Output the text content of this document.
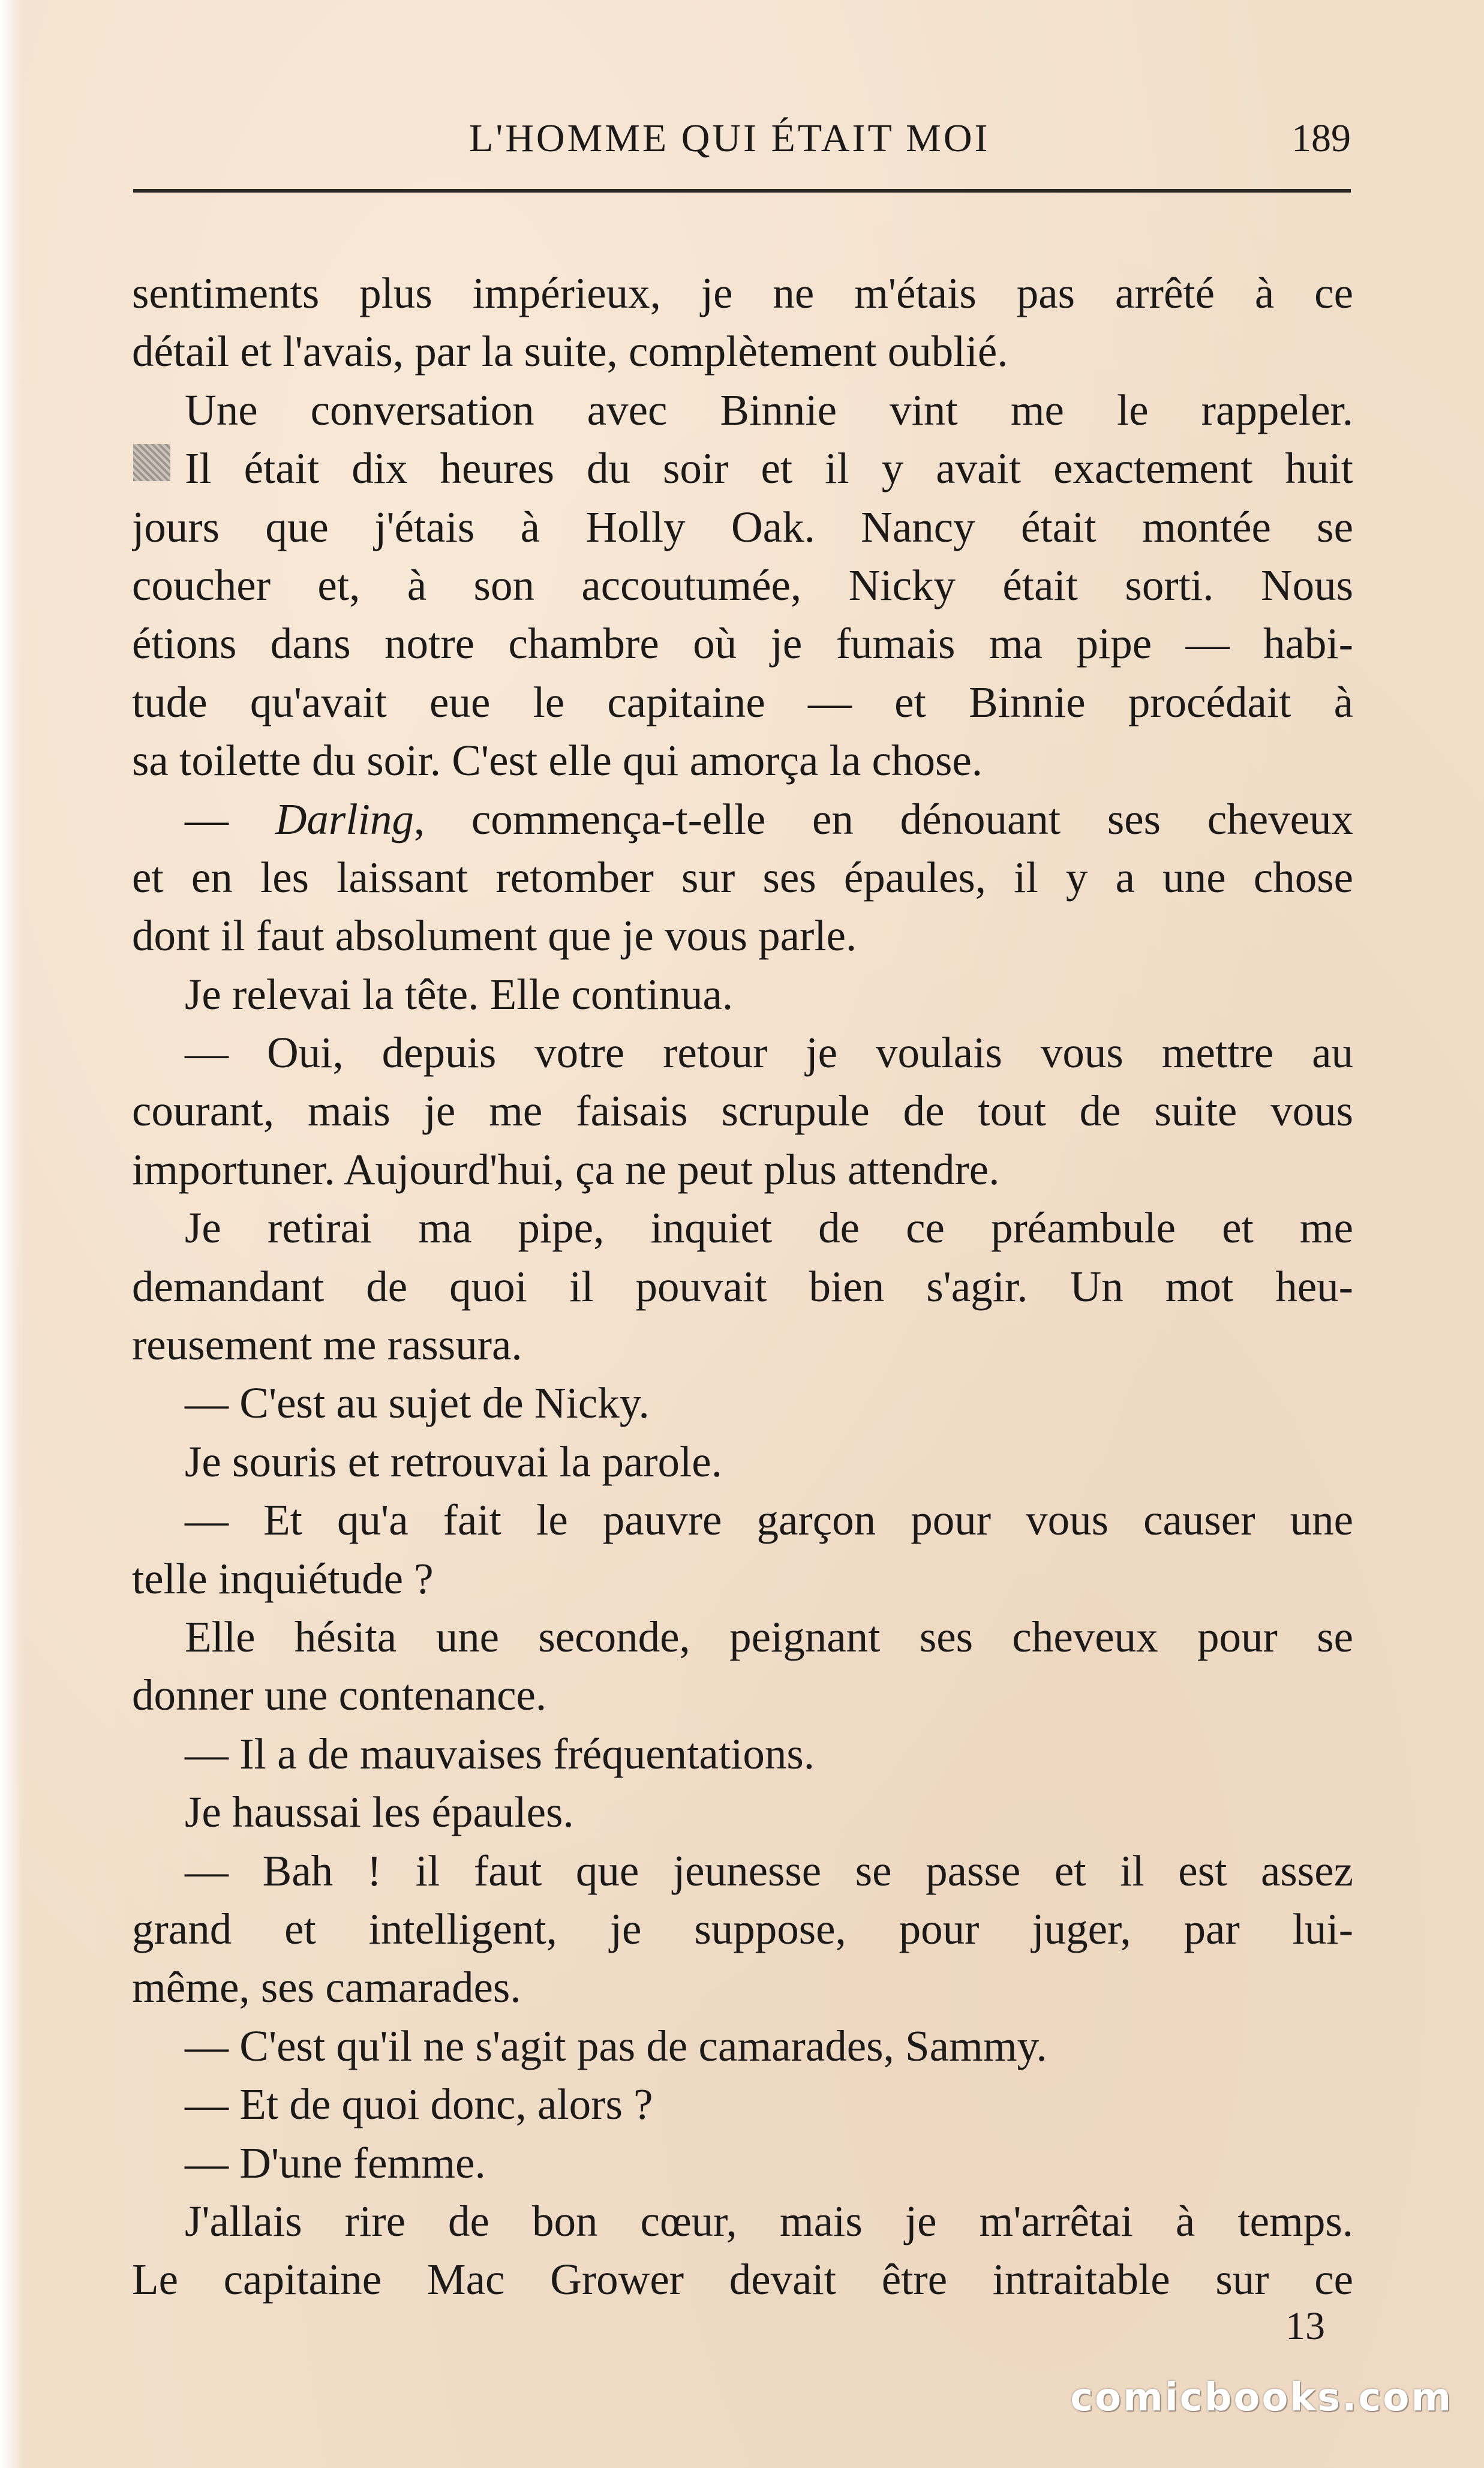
L'HOMME QUI ÉTAIT MOI	189
sentiments plus impérieux, je ne m'étais pas arrêté à ce
détail et l'avais, par la suite, complètement oublié.
Une conversation avec Binnie vint me le rappeler.
Il était dix heures du soir et il y avait exactement huit
jours que j'étais à Holly Oak. Nancy était montée se
coucher et, à son accoutumée, Nicky était sorti. Nous
étions dans notre chambre où je fumais ma pipe — habi-
tude qu'avait eue le capitaine — et Binnie procédait à
sa toilette du soir. C'est elle qui amorça la chose.
— Darling, commença-t-elle en dénouant ses cheveux
et en les laissant retomber sur ses épaules, il y a une chose
dont il faut absolument que je vous parle.
Je relevai la tête. Elle continua.
— Oui, depuis votre retour je voulais vous mettre au
courant, mais je me faisais scrupule de tout de suite vous
importuner. Aujourd'hui, ça ne peut plus attendre.
Je retirai ma pipe, inquiet de ce préambule et me
demandant de quoi il pouvait bien s'agir. Un mot heu-
reusement me rassura.
— C'est au sujet de Nicky.
Je souris et retrouvai la parole.
— Et qu'a fait le pauvre garçon pour vous causer une
telle inquiétude ?
Elle hésita une seconde, peignant ses cheveux pour se
donner une contenance.
— Il a de mauvaises fréquentations.
Je haussai les épaules.
— Bah ! il faut que jeunesse se passe et il est assez
grand et intelligent, je suppose, pour juger, par lui-
même, ses camarades.
— C'est qu'il ne s'agit pas de camarades, Sammy.
— Et de quoi donc, alors ?
— D'une femme.
J'allais rire de bon cœur, mais je m'arrêtai à temps.
Le capitaine Mac Grower devait être intraitable sur ce
13
comicbooks.com
